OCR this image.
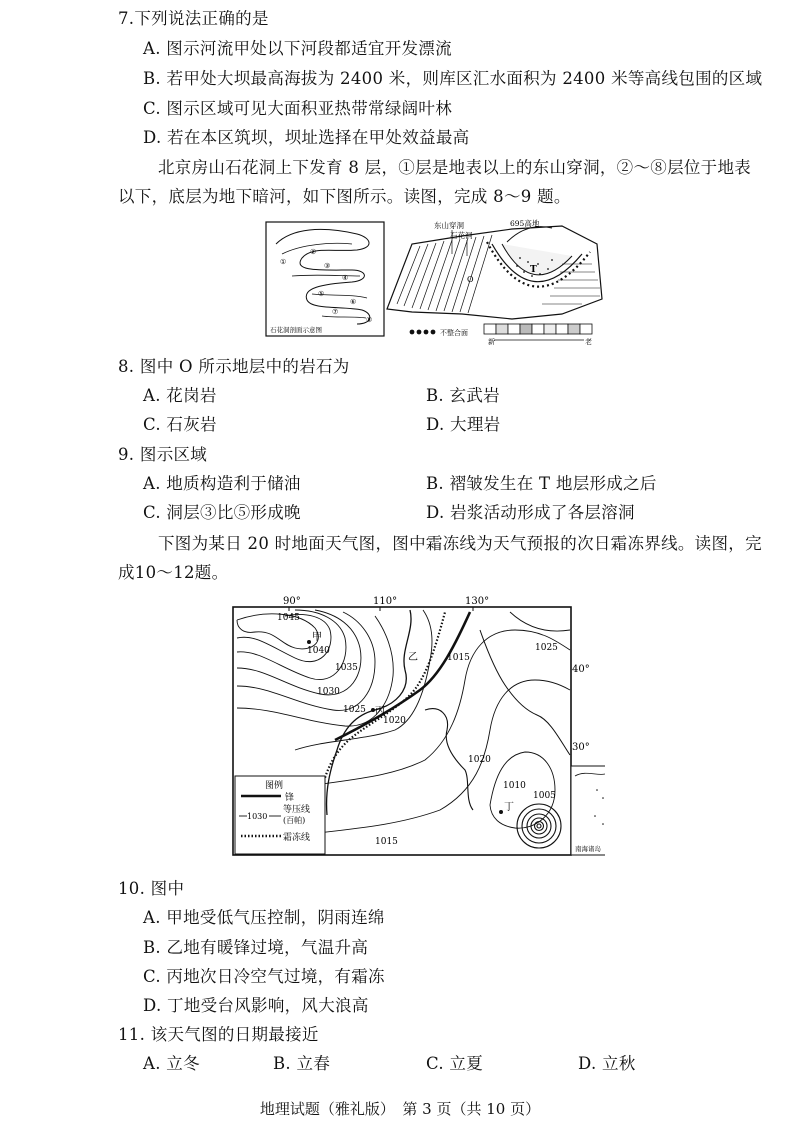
7.下列说法正确的是
A. 图示河流甲处以下河段都适宜开发漂流
B. 若甲处大坝最高海拔为 2400 米，则库区汇水面积为 2400 米等高线包围的区域
C. 图示区域可见大面积亚热带常绿阔叶林
D. 若在本区筑坝，坝址选择在甲处效益最高
北京房山石花洞上下发育 8 层，①层是地表以上的东山穿洞，②～⑧层位于地表
以下，底层为地下暗河，如下图所示。读图，完成 8～9 题。
①
②
③
④
⑤
⑥
⑦
⑧
石花洞剖面示意图
T
O
东山穿洞
石花洞
695高地
不整合面
新	老
8. 图中 O 所示地层中的岩石为
A. 花岗岩	B. 玄武岩
C. 石灰岩	D. 大理岩
9. 图示区域
A. 地质构造利于储油	B. 褶皱发生在 T 地层形成之后
C. 洞层③比⑤形成晚	D. 岩浆活动形成了各层溶洞
下图为某日 20 时地面天气图，图中霜冻线为天气预报的次日霜冻界线。读图，完
成10～12题。
90°	110°	130°
40°
30°
1045
1040
1035
1030
1025
1020
1015
1025
1020
1010
1005
1015
甲
乙
丙
丁
图例
锋
1030
等压线
(百帕)
霜冻线
南海诸岛
10. 图中
A. 甲地受低气压控制，阴雨连绵
B. 乙地有暖锋过境，气温升高
C. 丙地次日冷空气过境，有霜冻
D. 丁地受台风影响，风大浪高
11. 该天气图的日期最接近
A. 立冬	B. 立春	C. 立夏	D. 立秋
地理试题（雅礼版）　第 3 页（共 10 页）
